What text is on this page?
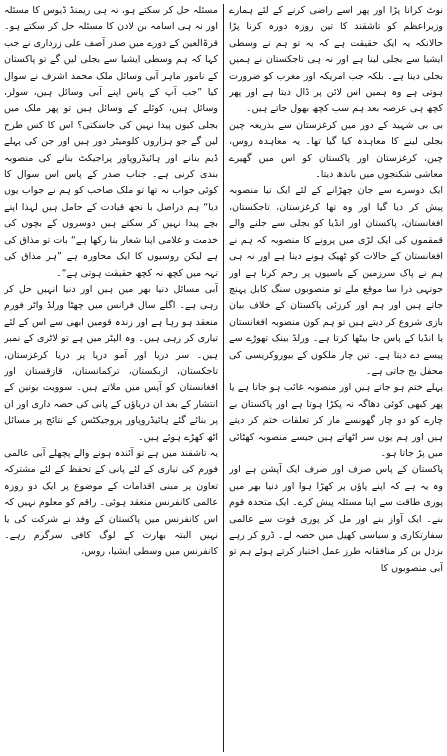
نوٹ کرانا پڑا اور پھر اسے راضی کرنے کے لئے ہمارے وزیراعظم کو تاشقند کا تین روزہ دورہ کرنا پڑا حالانکہ یہ ایک حقیقت ہے کہ یہ تو ہم نے وسطی ایشیا سے بجلی لینا ہے اور نہ ہی تاجکستان نے ہمیں بجلی دینا ہے۔ بلکہ جب امریکہ اور مغرب کو ضرورت ہوتی ہے وہ ہمیں اس لائن پر ڈال دیتا ہے اور پھر کچھ ہی عرصہ بعد ہم سب کچھ بھول جاتے ہیں۔

بی بی شہید کے دور میں کرغزستان سے بذریعہ چین بجلی لینے کا معاہدہ کیا گیا تھا۔ یہ معاہدہ روس، چین، کرغزستان اور پاکستان کو اس میں گھیرے معاشی شکنجوں میں باندھ دیتا۔

ایک دوسرے سے جان چھڑانے کے لئے ایک نیا منصوبہ پیش کر دیا گیا اور وہ تھا کرغزستان، تاجکستان، افغانستان، پاکستان اور انڈیا کو بجلی سے جلنے والے قمقموں کی ایک لڑی میں پرونے کا منصوبہ کہ ہم نے افغانستان کے حالات کو ٹھیک ہونے دینا ہے اور نہ ہی ہم نے پاک سرزمین کے باسیوں پر رحم کرنا ہے اور جونہی ذرا سا موقع ملے تو منصوبوں سنگ کابل پہنچ جاتے ہیں اور ہم اور کرزئی پاکستان کے خلاف بیان بازی شروع کر دیتے ہیں تو ہم کون منصوبہ افغانستان یا انڈیا کے پاس جا بیٹھا کرتا ہے۔ ورلڈ بینک تھوڑے سے پیسے دے دیتا ہے۔ تین چار ملکوں کے بیوروکریسی کی محفل بج جاتی ہے۔

پہلے ختم ہو جاتے ہیں اور منصوبہ غائب ہو جاتا ہے یا پھر کبھی کوئی دھاگہ نہ پکڑا ہوتا ہے اور پاکستان بے چارے کو دو چار گھونسے مار کر تعلقات ختم کر دیتے ہیں اور ہم یوں سر اٹھاتے ہیں جیسے منصوبہ کھٹائی میں پڑ جاتا ہو۔

پاکستان کے پاس صرف اور صرف ایک آپشن ہے اور وہ یہ ہے کہ اپنے پاؤں پر کھڑا ہوا اور دنیا بھر میں پوری طاقت سے اپنا مسئلہ پیش کرے۔ ایک متحدہ قوم بنے۔ ایک آواز بنے اور مل کر پوری قوت سے عالمی سفارتکاری و سیاسی کھیل میں حصہ لے۔ ڈرو کر رہے بزدل بن کر منافقانہ طرز عمل اختیار کرتے ہوئے ہم تو آبی منصوبوں کا

مسئلہ حل کر سکتے ہو، نہ ہی ریمنڈ ڈیوس کا مسئلہ اور نہ ہی اسامہ بن لادن کا مسئلہ حل کر سکتے ہو۔ قرۃالعین کے دورے میں صدر آصف علی زرداری نے جب کہا کہ ہم وسطی ایشیا سے بجلی لیں گے تو پاکستان کے نامور ماہر آبی وسائل ملک محمد اشرف نے سوال کیا ”جب آپ کے پاس اپنے آبی وسائل ہیں، سولر، وسائل ہیں، کوئلے کے وسائل ہیں تو پھر ملک میں بجلی کیوں پیدا نہیں کی جاسکتی؟ اس کا کس طرح لیں گے جو ہزاروں کلومیٹر دور ہیں اور جن کی پہلے ڈیم بنانے اور ہائیڈروپاور پراجیکٹ بنانے کی منصوبہ بندی کرنی ہے۔ جناب صدر کے پاس اس سوال کا کوئی جواب نہ تھا تو ملک صاحب کو ہم نے جواب یوں دیا“ ہم دراصل با نجھ قیادت کے حامل ہیں لہذا اپنے بچے پیدا نہیں کر سکتے ہیں دوسروں کے بچوں کی خدمت و غلامی اپنا شعار بنا رکھا ہے“ بات تو مذاق کی ہے لیکن روسیوں کا ایک محاورہ ہے ”ہر مذاق کی تہہ میں کچھ نہ کچھ حقیقت ہوتی ہے“۔

آبی مسائل دنیا بھر میں ہیں اور دنیا انہیں حل کر رہی ہے۔ اگلے سال فرانس میں چھٹا ورلڈ واٹر فورم منعقد ہو رہا ہے اور زندہ قومیں ابھی سے اس کے لئے تیاری کر رہی ہیں۔ وہ الپٹر میں ہے تو لاٹری کے نمبر ہیں۔ سر دریا اور آمو دریا پر دریا کرغزستان، تاجکستان، ازبکستان، ترکمانستان، قازقستان اور افغانستان کو آپس میں ملاتے ہیں۔ سوویت یونین کے انتشار کے بعد ان دریاؤں کے پانی کی حصہ داری اور ان پر بنائے گئے ہائیڈروپاور پروجیکٹس کے نتائج پر مسائل اٹھ کھڑے ہوئے ہیں۔

یہ تاشقند میں ہے تو آئندہ ہونے والے پچھلے آبی عالمی فورم کی تیاری کے لئے پانی کے تحفظ کے لئے مشترکہ تعاون پر مبنی اقدامات کے موضوع پر ایک دو روزہ عالمی کانفرنس منعقد ہوئی۔ راقم کو معلوم نہیں کہ اس کانفرنس میں پاکستان کے وفد نے شرکت کی یا نہیں البتہ بھارت کے لوگ کافی سرگرم رہے۔ کانفرنس میں وسطی ایشیا، روس،
